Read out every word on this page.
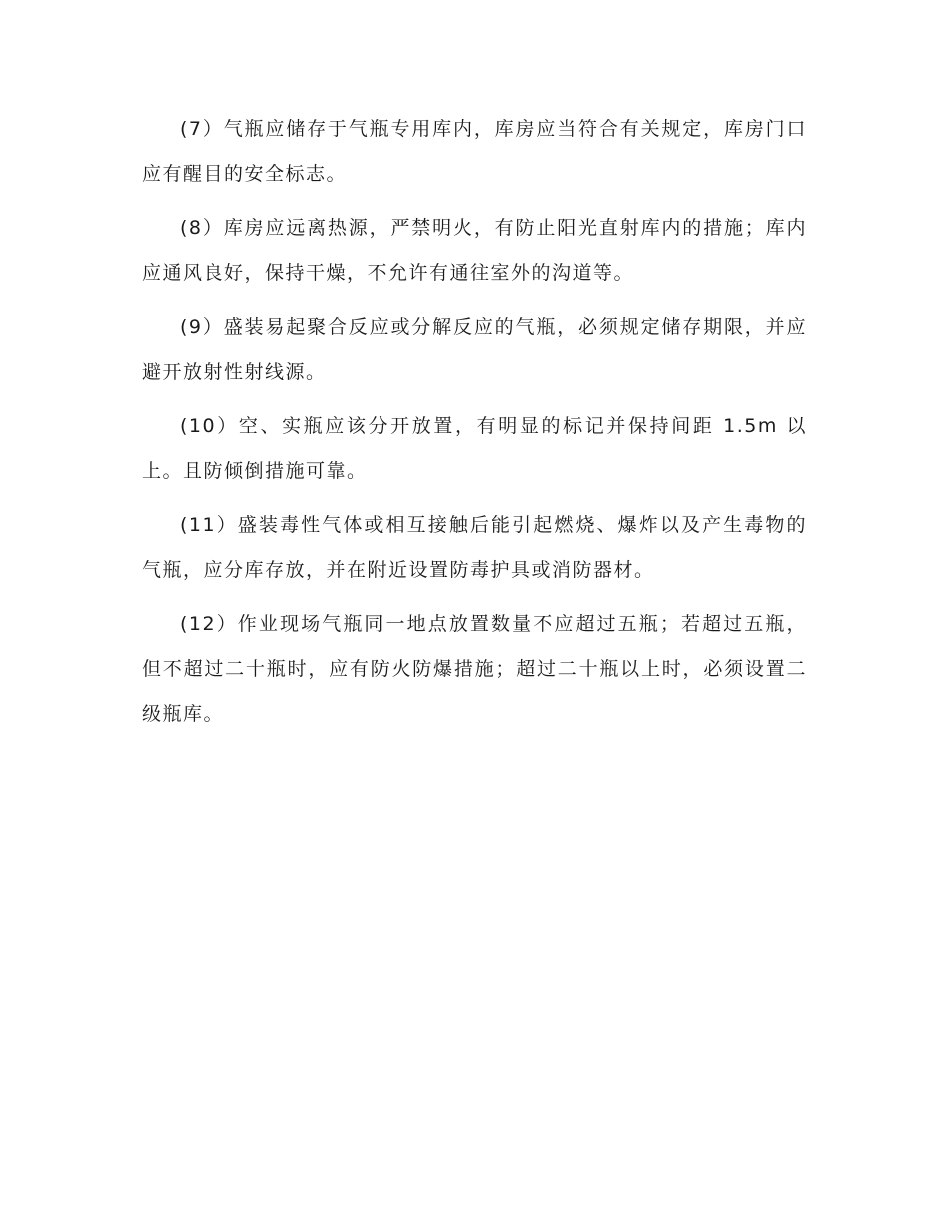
(7）气瓶应储存于气瓶专用库内，库房应当符合有关规定，库房门口应有醒目的安全标志。

(8）库房应远离热源，严禁明火，有防止阳光直射库内的措施；库内应通风良好，保持干燥，不允许有通往室外的沟道等。

(9）盛装易起聚合反应或分解反应的气瓶，必须规定储存期限，并应避开放射性射线源。

(10）空、实瓶应该分开放置，有明显的标记并保持间距 1.5m 以上。且防倾倒措施可靠。

(11）盛装毒性气体或相互接触后能引起燃烧、爆炸以及产生毒物的气瓶，应分库存放，并在附近设置防毒护具或消防器材。

(12）作业现场气瓶同一地点放置数量不应超过五瓶；若超过五瓶，但不超过二十瓶时，应有防火防爆措施；超过二十瓶以上时，必须设置二级瓶库。
